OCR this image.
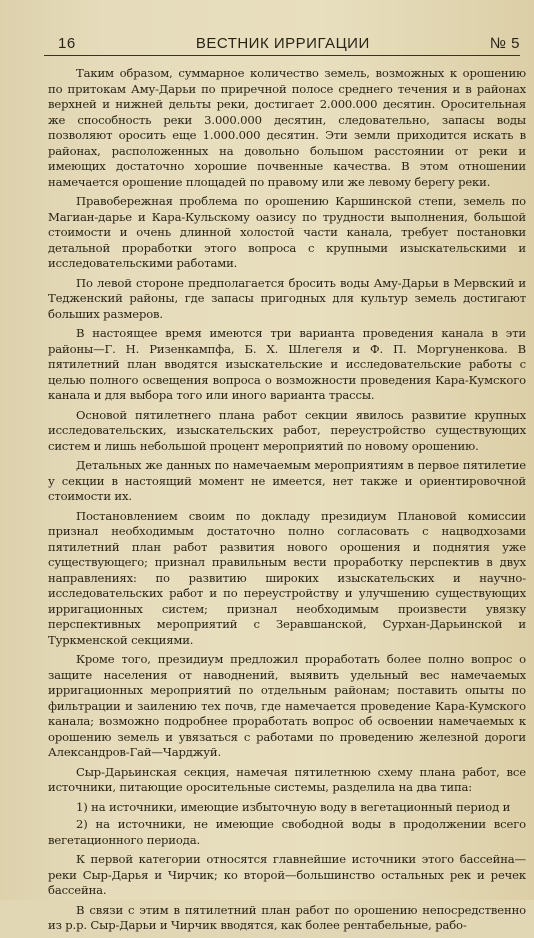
16	ВЕСТНИК ИРРИГАЦИИ	№ 5

Таким образом, суммарное количество земель, возможных к орошению по притокам Аму-Дарьи по приречной полосе среднего течения и в районах верхней и нижней дельты реки, достигает 2.000.000 десятин. Оросительная же способность реки 3.000.000 десятин, следовательно, запасы воды позволяют оросить еще 1.000.000 десятин. Эти земли приходится искать в районах, расположенных на довольно большом расстоянии от реки и имеющих достаточно хорошие почвенные качества. В этом отношении намечается орошение площадей по правому или же левому берегу реки.

Правобережная проблема по орошению Каршинской степи, земель по Магиан-дарье и Кара-Кульскому оазису по трудности выполнения, большой стоимости и очень длинной холостой части канала, требует постановки детальной проработки этого вопроса с крупными изыскательскими и исследовательскими работами.

По левой стороне предполагается бросить воды Аму-Дарьи в Мервский и Тедженский районы, где запасы пригодных для культур земель достигают больших размеров.

В настоящее время имеются три варианта проведения канала в эти районы—Г. Н. Ризенкампфа, Б. Х. Шлегеля и Ф. П. Моргуненкова. В пятилетний план вводятся изыскательские и исследовательские работы с целью полного освещения вопроса о возможности проведения Кара-Кумского канала и для выбора того или иного варианта трассы.

Основой пятилетнего плана работ секции явилось развитие крупных исследовательских, изыскательских работ, переустройство существующих систем и лишь небольшой процент мероприятий по новому орошению.

Детальных же данных по намечаемым мероприятиям в первое пятилетие у секции в настоящий момент не имеется, нет также и ориентировочной стоимости их.

Постановлением своим по докладу президиум Плановой комиссии признал необходимым достаточно полно согласовать с нацводхозами пятилетний план работ развития нового орошения и поднятия уже существующего; признал правильным вести проработку перспектив в двух направлениях: по развитию широких изыскательских и научно-исследовательских работ и по переустройству и улучшению существующих ирригационных систем; признал необходимым произвести увязку перспективных мероприятий с Зеравшанской, Сурхан-Дарьинской и Туркменской секциями.

Кроме того, президиум предложил проработать более полно вопрос о защите населения от наводнений, выявить удельный вес намечаемых ирригационных мероприятий по отдельным районам; поставить опыты по фильтрации и заилению тех почв, где намечается проведение Кара-Кумского канала; возможно подробнее проработать вопрос об освоении намечаемых к орошению земель и увязаться с работами по проведению железной дороги Александров-Гай—Чарджуй.

Сыр-Дарьинская секция, намечая пятилетнюю схему плана работ, все источники, питающие оросительные системы, разделила на два типа:

1) на источники, имеющие избыточную воду в вегетационный период и

2) на источники, не имеющие свободной воды в продолжении всего вегетационного периода.

К первой категории относятся главнейшие источники этого бассейна—реки Сыр-Дарья и Чирчик; ко второй—большинство остальных рек и речек бассейна.

В связи с этим в пятилетний план работ по орошению непосредственно из р.р. Сыр-Дарьи и Чирчик вводятся, как более рентабельные, рабо-
